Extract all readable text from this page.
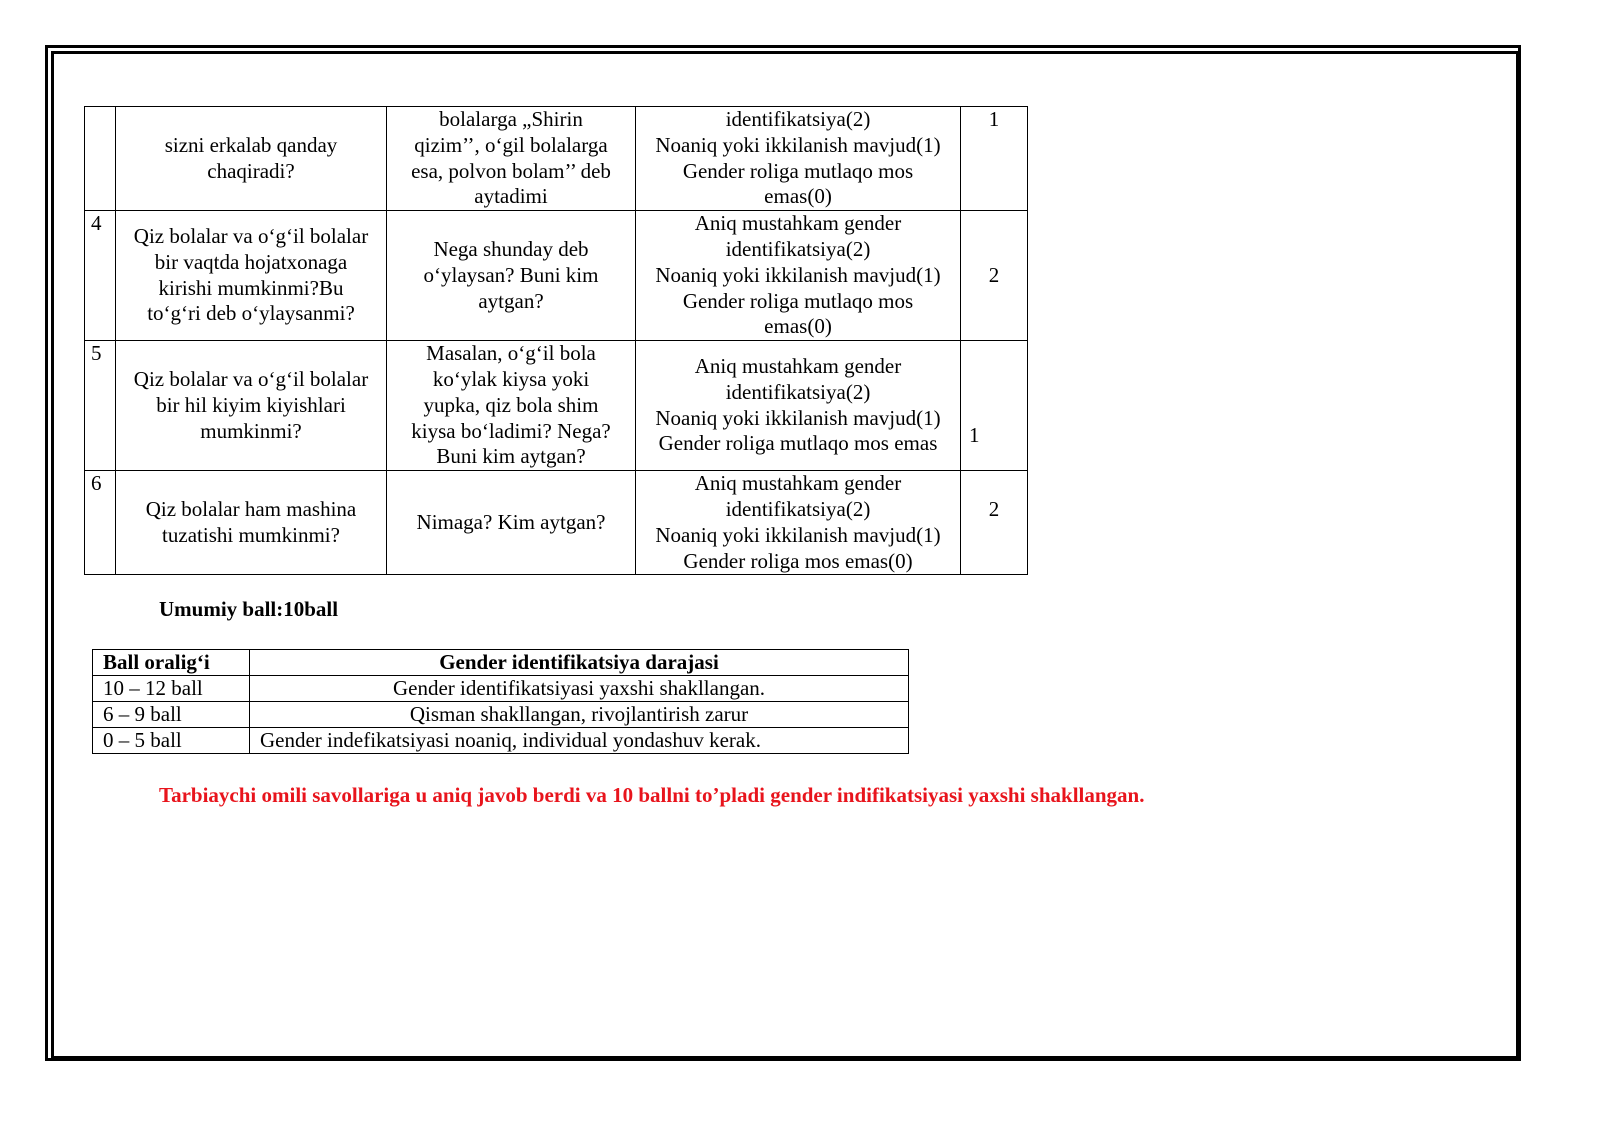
	sizni erkalab qanday
chaqiradi?	bolalarga „Shirin
qizim’’, o‘gil bolalarga
esa, polvon bolam’’ deb
aytadimi	identifikatsiya(2)
Noaniq yoki ikkilanish mavjud(1)
Gender roliga mutlaqo mos
emas(0)	1
4	Qiz bolalar va o‘g‘il bolalar
bir vaqtda hojatxonaga
kirishi mumkinmi?Bu
to‘g‘ri deb o‘ylaysanmi?	Nega shunday deb
o‘ylaysan? Buni kim
aytgan?	Aniq mustahkam gender
identifikatsiya(2)
Noaniq yoki ikkilanish mavjud(1)
Gender roliga mutlaqo mos
emas(0)	2
5	Qiz bolalar va o‘g‘il bolalar
bir hil kiyim kiyishlari
mumkinmi?	Masalan, o‘g‘il bola
ko‘ylak kiysa yoki
yupka, qiz bola shim
kiysa bo‘ladimi? Nega?
Buni kim aytgan?	Aniq mustahkam gender
identifikatsiya(2)
Noaniq yoki ikkilanish mavjud(1)
Gender roliga mutlaqo mos emas	1
6	Qiz bolalar ham mashina
tuzatishi mumkinmi?	Nimaga? Kim aytgan?	Aniq mustahkam gender
identifikatsiya(2)
Noaniq yoki ikkilanish mavjud(1)
Gender roliga mos emas(0)	2
Umumiy ball:10ball
Ball oralig‘i	Gender identifikatsiya darajasi
10 – 12 ball	Gender identifikatsiyasi yaxshi shakllangan.
6 – 9 ball	Qisman shakllangan, rivojlantirish zarur
0 – 5 ball	Gender indefikatsiyasi noaniq, individual yondashuv kerak.
Tarbiaychi omili savollariga u aniq javob berdi va 10 ballni to’pladi gender indifikatsiyasi yaxshi shakllangan.
